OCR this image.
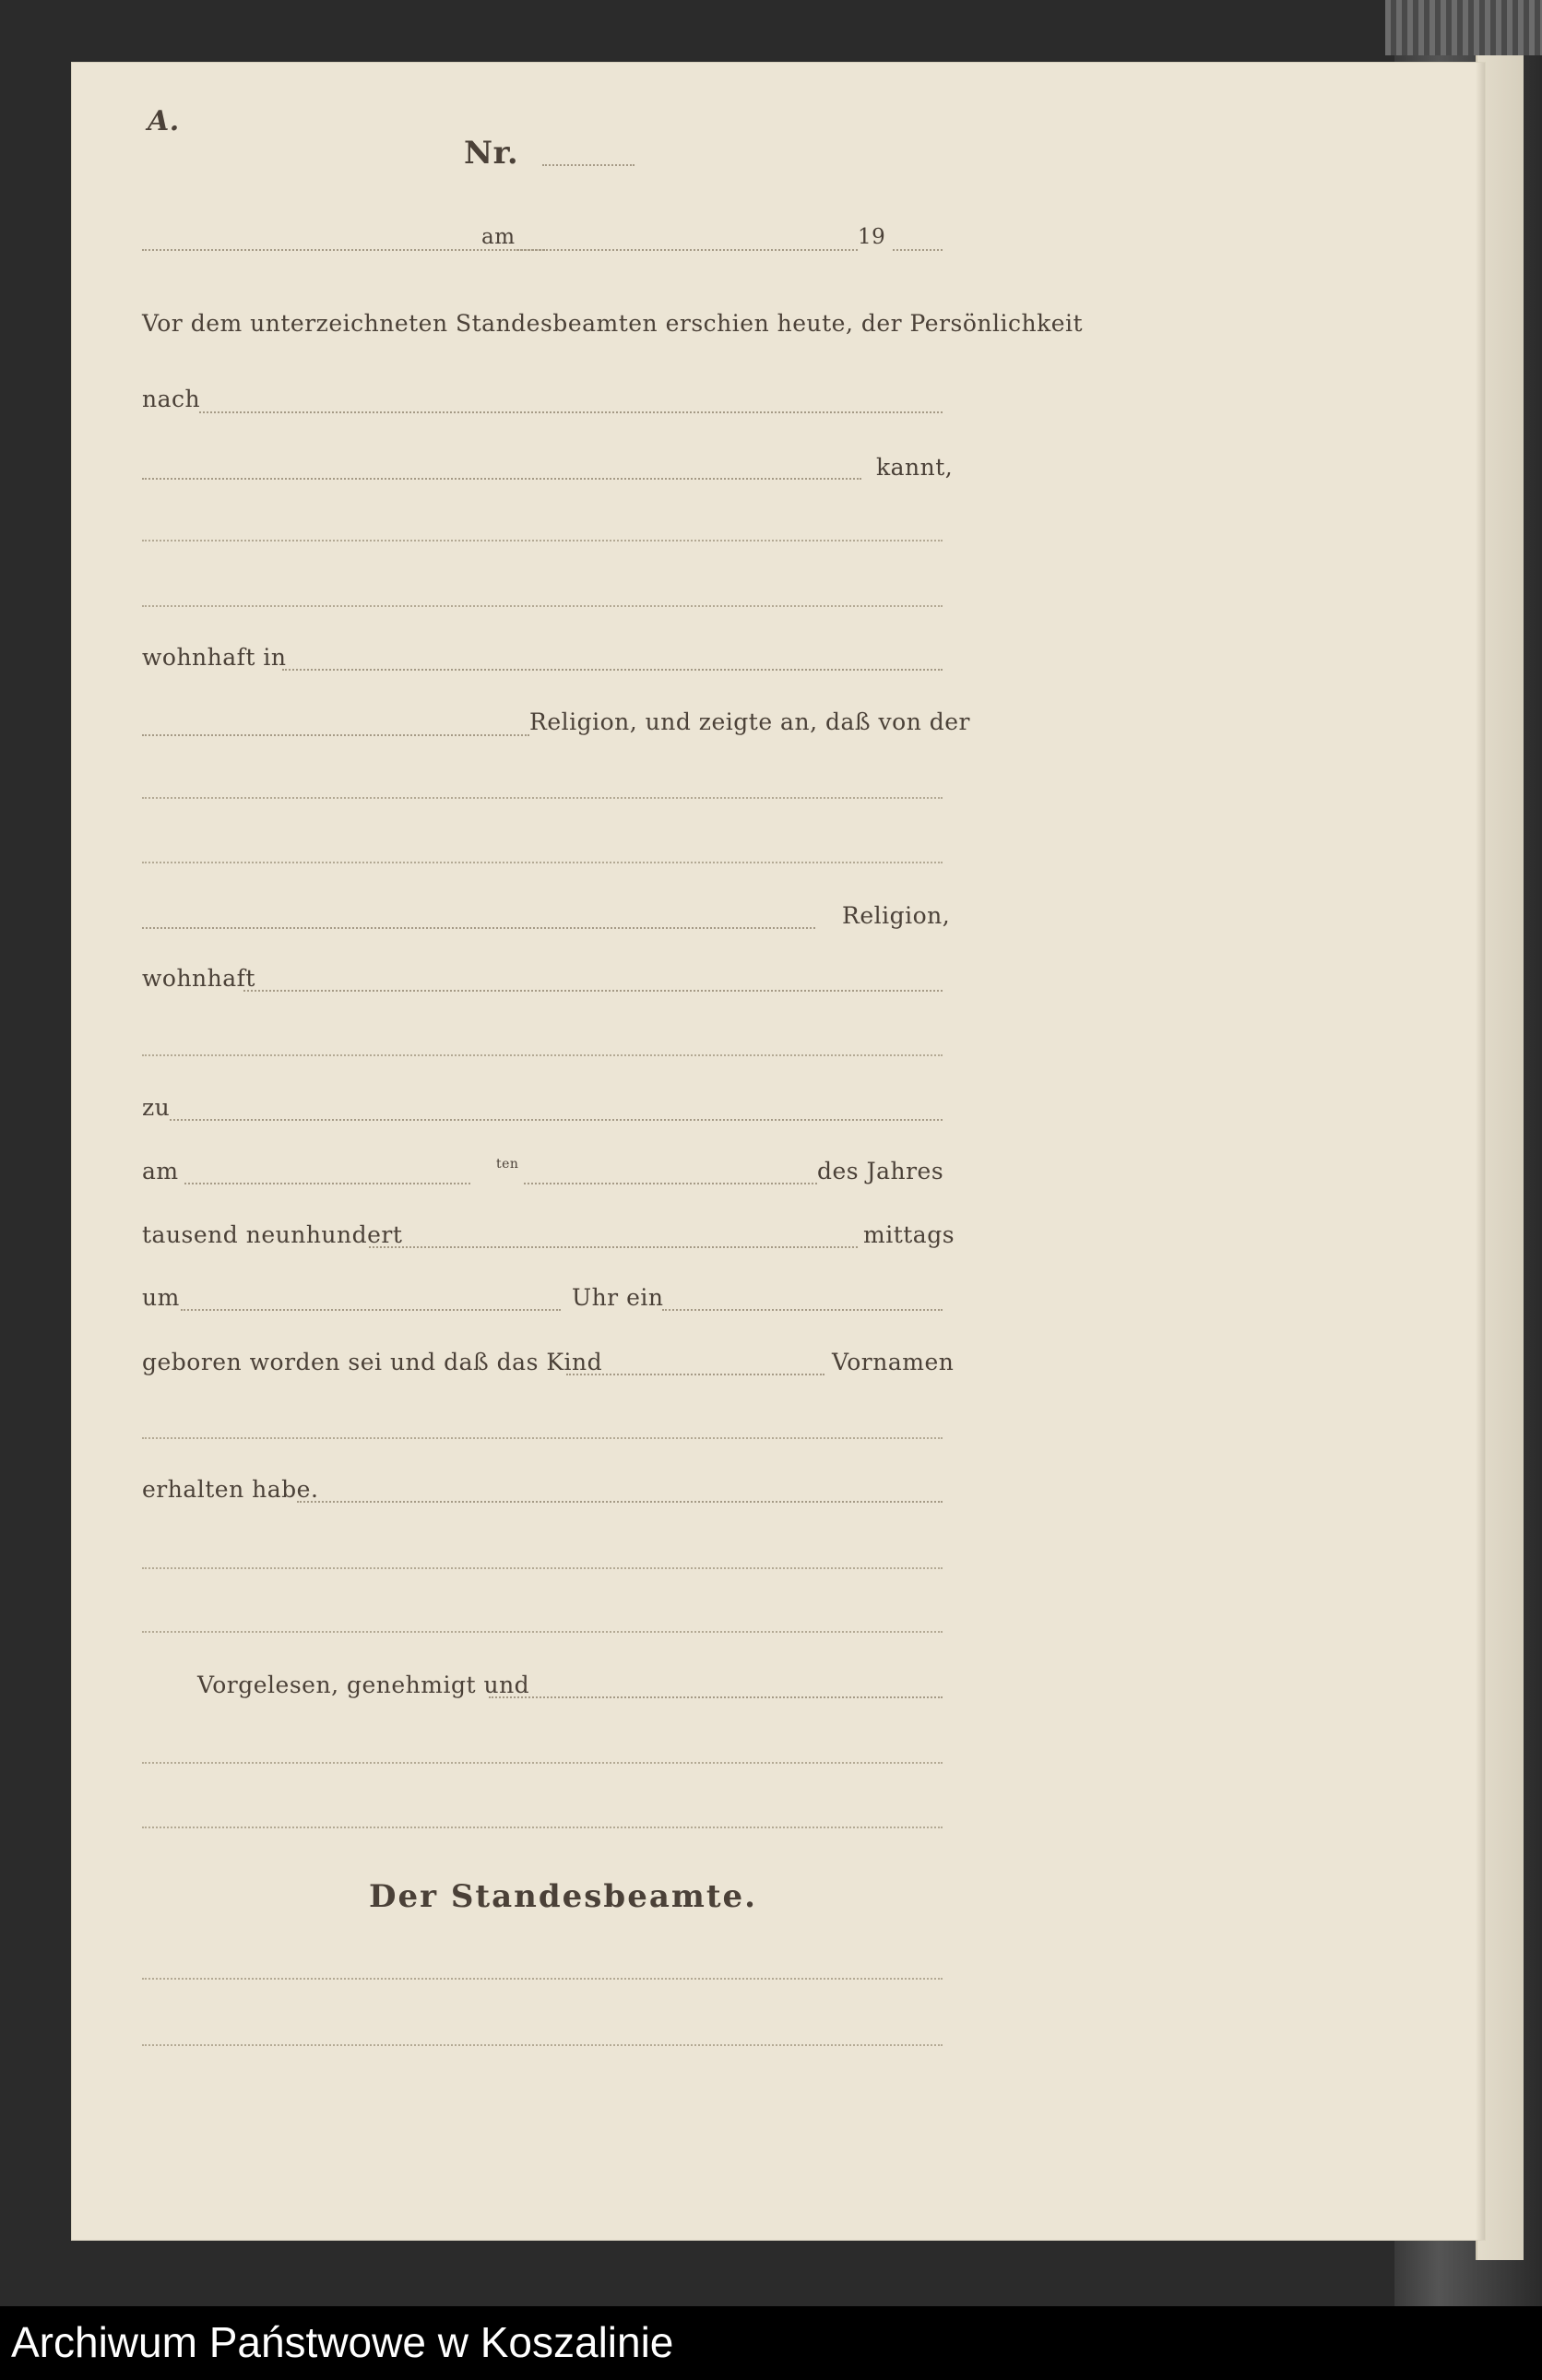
A.
Nr.
am	19
Vor dem unterzeichneten Standesbeamten erschien heute, der Persönlichkeit
nach
kannt,
wohnhaft in
Religion, und zeigte an, daß von der
Religion,
wohnhaft
zu
am	ten	des Jahres
tausend neunhundert	mittags
um	Uhr ein
geboren worden sei und daß das Kind	Vornamen
erhalten habe.
Vorgelesen, genehmigt und
Der Standesbeamte.
Archiwum Państwowe w Koszalinie
